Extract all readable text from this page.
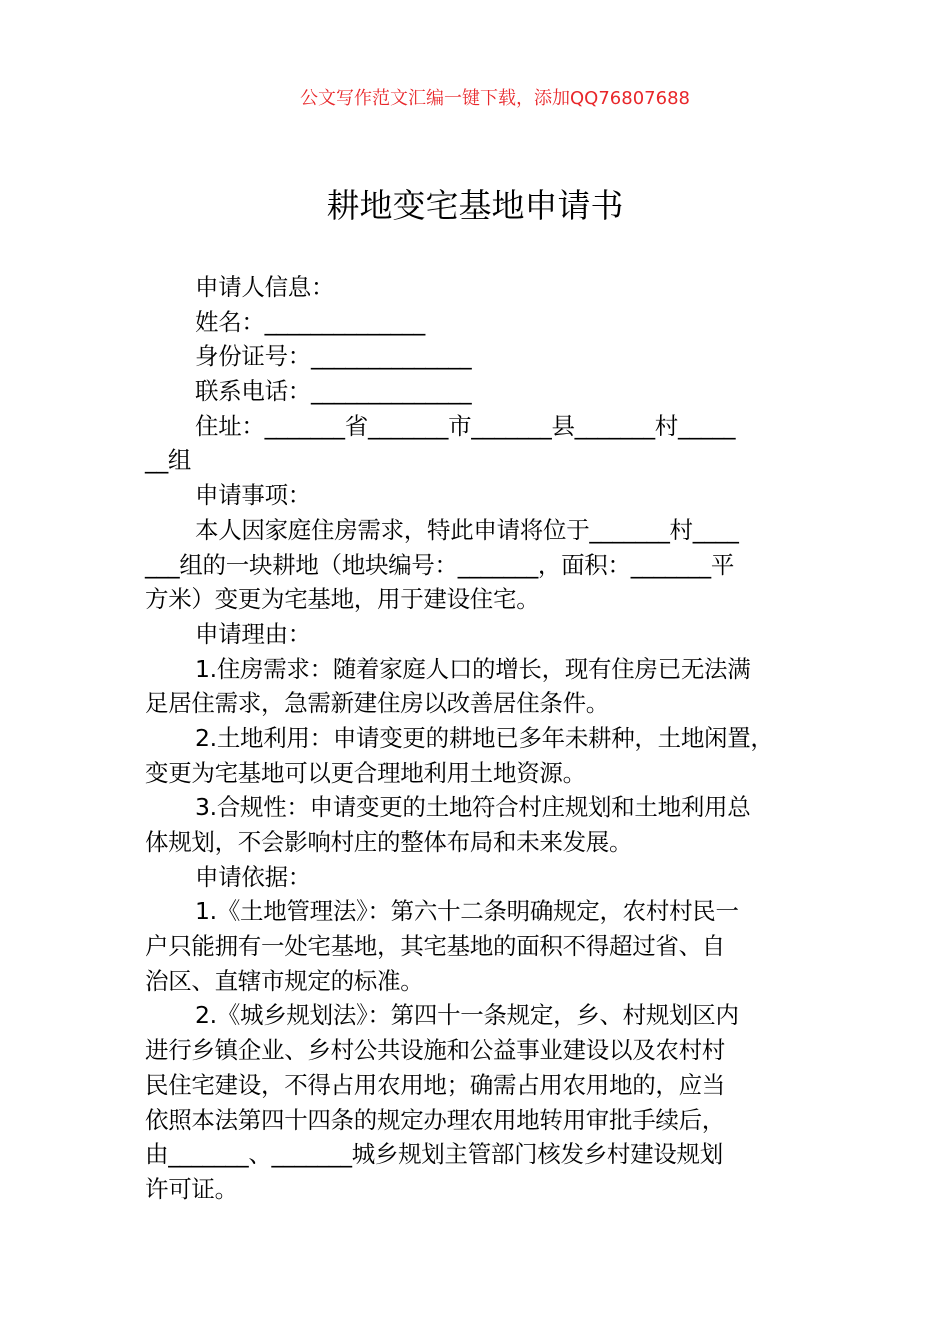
公文写作范文汇编一键下载，添加QQ76807688
耕地变宅基地申请书
申请人信息：
姓名：______________
身份证号：______________
联系电话：______________
住址：_______省_______市_______县_______村_____
__组
申请事项：
本人因家庭住房需求，特此申请将位于_______村____
___组的一块耕地（地块编号：_______，面积：_______平
方米）变更为宅基地，用于建设住宅。
申请理由：
1.住房需求：随着家庭人口的增长，现有住房已无法满
足居住需求，急需新建住房以改善居住条件。
2.土地利用：申请变更的耕地已多年未耕种，土地闲置，
变更为宅基地可以更合理地利用土地资源。
3.合规性：申请变更的土地符合村庄规划和土地利用总
体规划，不会影响村庄的整体布局和未来发展。
申请依据：
1.《土地管理法》：第六十二条明确规定，农村村民一
户只能拥有一处宅基地，其宅基地的面积不得超过省、自
治区、直辖市规定的标准。
2.《城乡规划法》：第四十一条规定，乡、村规划区内
进行乡镇企业、乡村公共设施和公益事业建设以及农村村
民住宅建设，不得占用农用地；确需占用农用地的，应当
依照本法第四十四条的规定办理农用地转用审批手续后，
由_______、_______城乡规划主管部门核发乡村建设规划
许可证。
